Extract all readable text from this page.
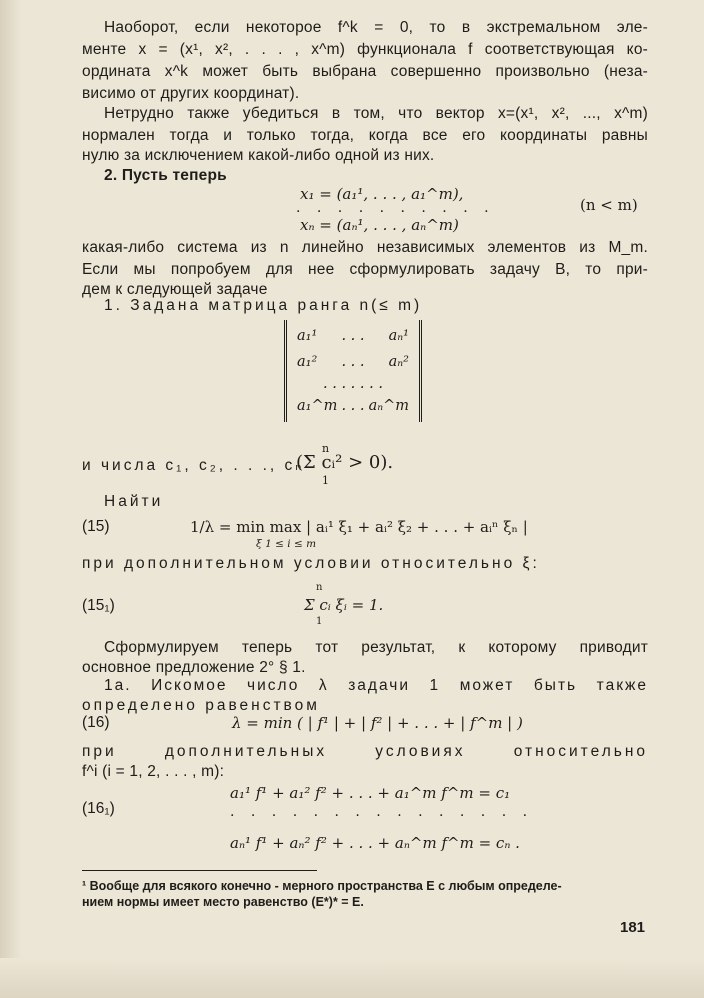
Наоборот, если некоторое f^k = 0, то в экстремальном эле-
менте x = (x¹, x², . . . , x^m) функционала f соответствующая ко-
ордината x^k может быть выбрана совершенно произвольно (неза-
висимо от других координат).
Нетрудно также убедиться в том, что вектор x=(x¹, x², ..., x^m)
нормален тогда и только тогда, когда все его координаты равны
нулю за исключением какой-либо одной из них.
2. Пусть теперь
x₁ = (a₁¹, . . . , a₁^m),
. . . . . . . . . .	(n < m)
xₙ = (aₙ¹, . . . , aₙ^m)
какая-либо система из n линейно независимых элементов из M_m.
Если мы попробуем для нее сформулировать задачу B, то при-
дем к следующей задаче
1. Задана матрица ранга n(≤ m)
a₁¹ . . . aₙ¹
a₁² . . . aₙ²
. . . . . . .
a₁^m . . . aₙ^m
и числа c₁, c₂, . . ., cₙ
n
(Σ cᵢ² > 0).
1
Найти
(15)	1/λ = min max | aᵢ¹ ξ₁ + aᵢ² ξ₂ + . . . + aᵢⁿ ξₙ |
ξ 1 ≤ i ≤ m
при дополнительном условии относительно ξ:
n
(15₁)	Σ cᵢ ξᵢ = 1.
1
Сформулируем теперь тот результат, к которому приводит
основное предложение 2° § 1.
1a. Искомое число λ задачи 1 может быть также
определено равенством
(16)	λ = min ( | f¹ | + | f² | + . . . + | f^m | )
при дополнительных условиях относительно
f^i (i = 1, 2, . . . , m):
a₁¹ f¹ + a₁² f² + . . . + a₁^m f^m = c₁
(16₁)	. . . . . . . . . . . . . . .
aₙ¹ f¹ + aₙ² f² + . . . + aₙ^m f^m = cₙ .
¹ Вообще для всякого конечно - мерного пространства E с любым определе-
нием нормы имеет место равенство (E*)* = E.
181
